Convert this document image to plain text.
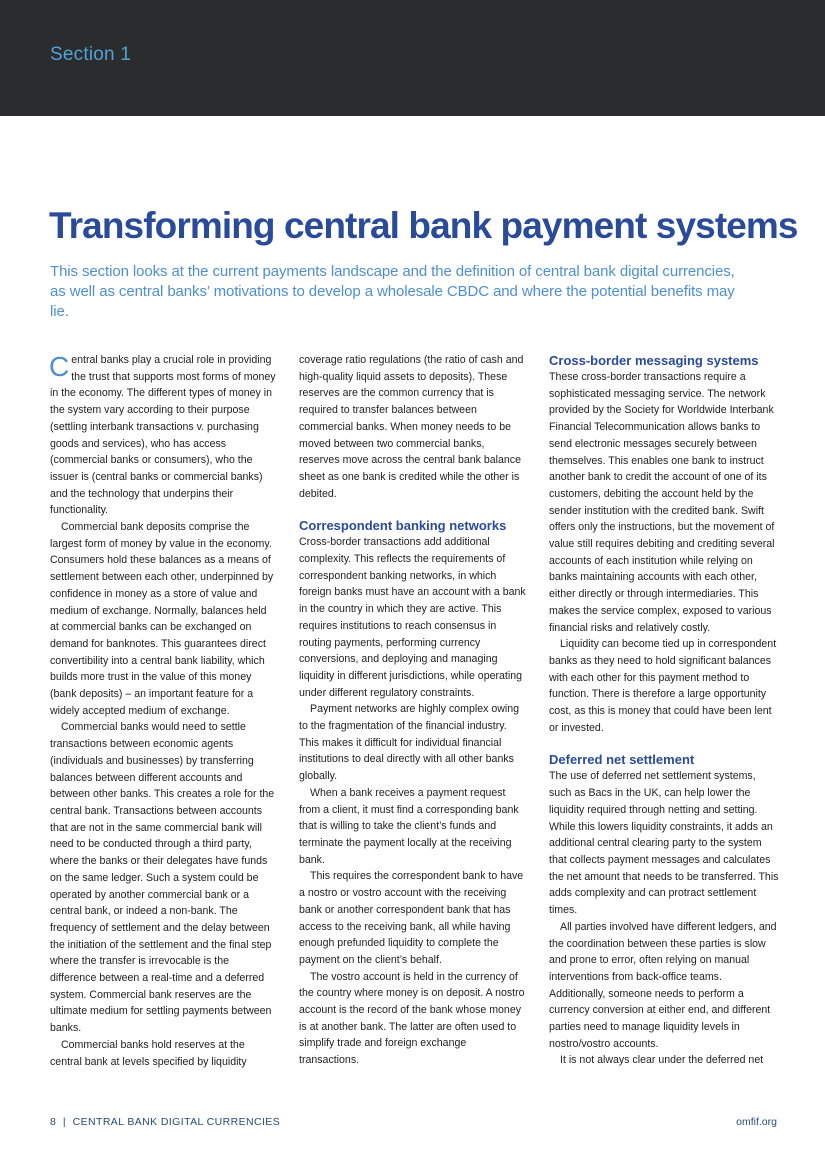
Section 1
Transforming central bank payment systems

This section looks at the current payments landscape and the definition of central bank digital currencies, as well as central banks’ motivations to develop a wholesale CBDC and where the potential benefits may lie.

Central banks play a crucial role in providing the trust that supports most forms of money in the economy. The different types of money in the system vary according to their purpose (settling interbank transactions v. purchasing goods and services), who has access (commercial banks or consumers), who the issuer is (central banks or commercial banks) and the technology that underpins their functionality.

Commercial bank deposits comprise the largest form of money by value in the economy. Consumers hold these balances as a means of settlement between each other, underpinned by confidence in money as a store of value and medium of exchange. Normally, balances held at commercial banks can be exchanged on demand for banknotes. This guarantees direct convertibility into a central bank liability, which builds more trust in the value of this money (bank deposits) – an important feature for a widely accepted medium of exchange.

Commercial banks would need to settle transactions between economic agents (individuals and businesses) by transferring balances between different accounts and between other banks. This creates a role for the central bank. Transactions between accounts that are not in the same commercial bank will need to be conducted through a third party, where the banks or their delegates have funds on the same ledger. Such a system could be operated by another commercial bank or a central bank, or indeed a non-bank. The frequency of settlement and the delay between the initiation of the settlement and the final step where the transfer is irrevocable is the difference between a real-time and a deferred system. Commercial bank reserves are the ultimate medium for settling payments between banks.

Commercial banks hold reserves at the central bank at levels specified by liquidity

coverage ratio regulations (the ratio of cash and high-quality liquid assets to deposits). These reserves are the common currency that is required to transfer balances between commercial banks. When money needs to be moved between two commercial banks, reserves move across the central bank balance sheet as one bank is credited while the other is debited.

Correspondent banking networks

Cross-border transactions add additional complexity. This reflects the requirements of correspondent banking networks, in which foreign banks must have an account with a bank in the country in which they are active. This requires institutions to reach consensus in routing payments, performing currency conversions, and deploying and managing liquidity in different jurisdictions, while operating under different regulatory constraints.

Payment networks are highly complex owing to the fragmentation of the financial industry. This makes it difficult for individual financial institutions to deal directly with all other banks globally.

When a bank receives a payment request from a client, it must find a corresponding bank that is willing to take the client’s funds and terminate the payment locally at the receiving bank.

This requires the correspondent bank to have a nostro or vostro account with the receiving bank or another correspondent bank that has access to the receiving bank, all while having enough prefunded liquidity to complete the payment on the client’s behalf.

The vostro account is held in the currency of the country where money is on deposit. A nostro account is the record of the bank whose money is at another bank. The latter are often used to simplify trade and foreign exchange transactions.

Cross-border messaging systems

These cross-border transactions require a sophisticated messaging service. The network provided by the Society for Worldwide Interbank Financial Telecommunication allows banks to send electronic messages securely between themselves. This enables one bank to instruct another bank to credit the account of one of its customers, debiting the account held by the sender institution with the credited bank. Swift offers only the instructions, but the movement of value still requires debiting and crediting several accounts of each institution while relying on banks maintaining accounts with each other, either directly or through intermediaries. This makes the service complex, exposed to various financial risks and relatively costly.

Liquidity can become tied up in correspondent banks as they need to hold significant balances with each other for this payment method to function. There is therefore a large opportunity cost, as this is money that could have been lent or invested.

Deferred net settlement

The use of deferred net settlement systems, such as Bacs in the UK, can help lower the liquidity required through netting and setting. While this lowers liquidity constraints, it adds an additional central clearing party to the system that collects payment messages and calculates the net amount that needs to be transferred. This adds complexity and can protract settlement times.

All parties involved have different ledgers, and the coordination between these parties is slow and prone to error, often relying on manual interventions from back-office teams. Additionally, someone needs to perform a currency conversion at either end, and different parties need to manage liquidity levels in nostro/vostro accounts.

It is not always clear under the deferred net

8  |  CENTRAL BANK DIGITAL CURRENCIES	omfif.org
